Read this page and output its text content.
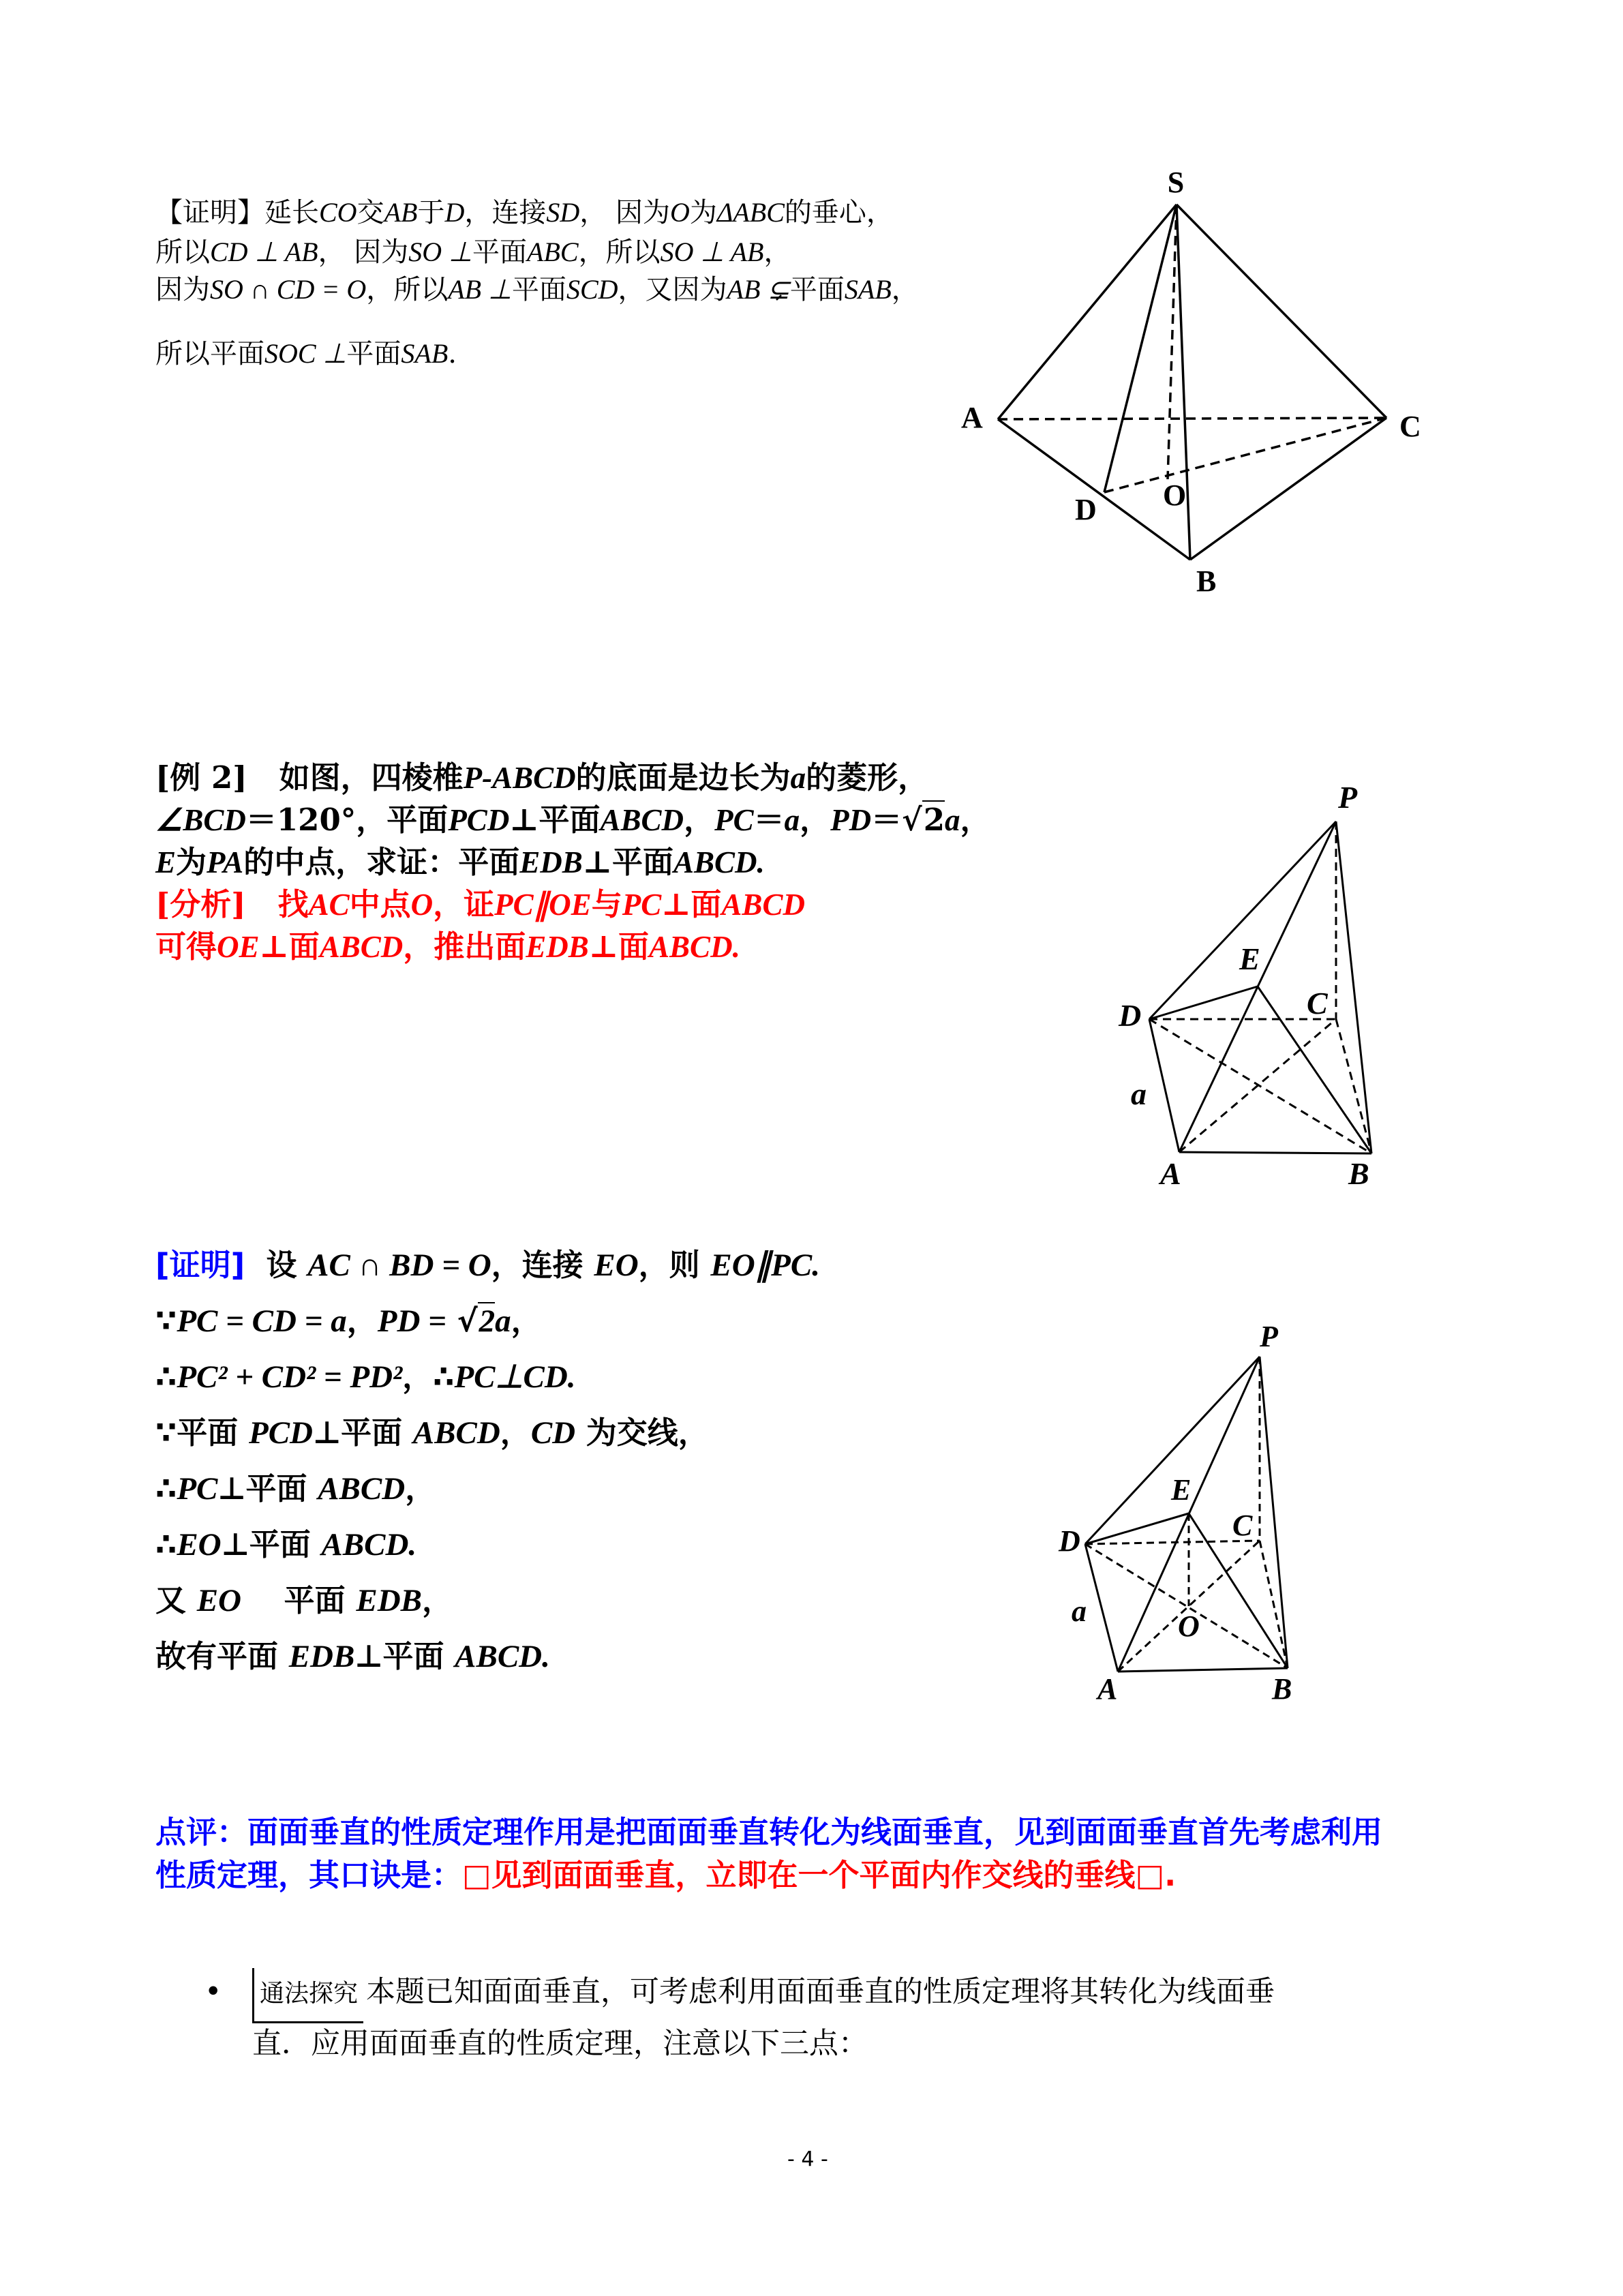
【证明】延长CO交AB于D，连接SD， 因为O为ΔABC的垂心，
所以CD ⊥ AB， 因为SO ⊥平面ABC，所以SO ⊥ AB，
因为SO ∩ CD = O，所以AB ⊥平面SCD，又因为AB ⊊平面SAB，
所以平面SOC ⊥平面SAB.
S
A	C
O
D
B
[例 2] 如图，四棱椎P-ABCD的底面是边长为a的菱形，
∠BCD＝120°，平面PCD⊥平面ABCD，PC＝a，PD＝√2a，
E为PA的中点，求证：平面EDB⊥平面ABCD.
[分析] 找AC中点O，证PC∥OE与PC⊥面ABCD
可得OE⊥面ABCD，推出面EDB⊥面ABCD.
P
E
D	C
a
A	B
[证明] 设 AC ∩ BD = O，连接 EO，则 EO∥PC.
∵PC = CD = a，PD = √2a，
∴PC² + CD² = PD²，∴PC⊥CD.
∵平面 PCD⊥平面 ABCD，CD 为交线，
∴PC⊥平面 ABCD，
∴EO⊥平面 ABCD.
又 EO 平面 EDB，
故有平面 EDB⊥平面 ABCD.
P
E
D	C
a	O
A	B
点评：面面垂直的性质定理作用是把面面垂直转化为线面垂直，见到面面垂直首先考虑利用
性质定理，其口诀是：□见到面面垂直，立即在一个平面内作交线的垂线□.
•	通法探究 本题已知面面垂直，可考虑利用面面垂直的性质定理将其转化为线面垂
直．应用面面垂直的性质定理，注意以下三点：
- 4 -
